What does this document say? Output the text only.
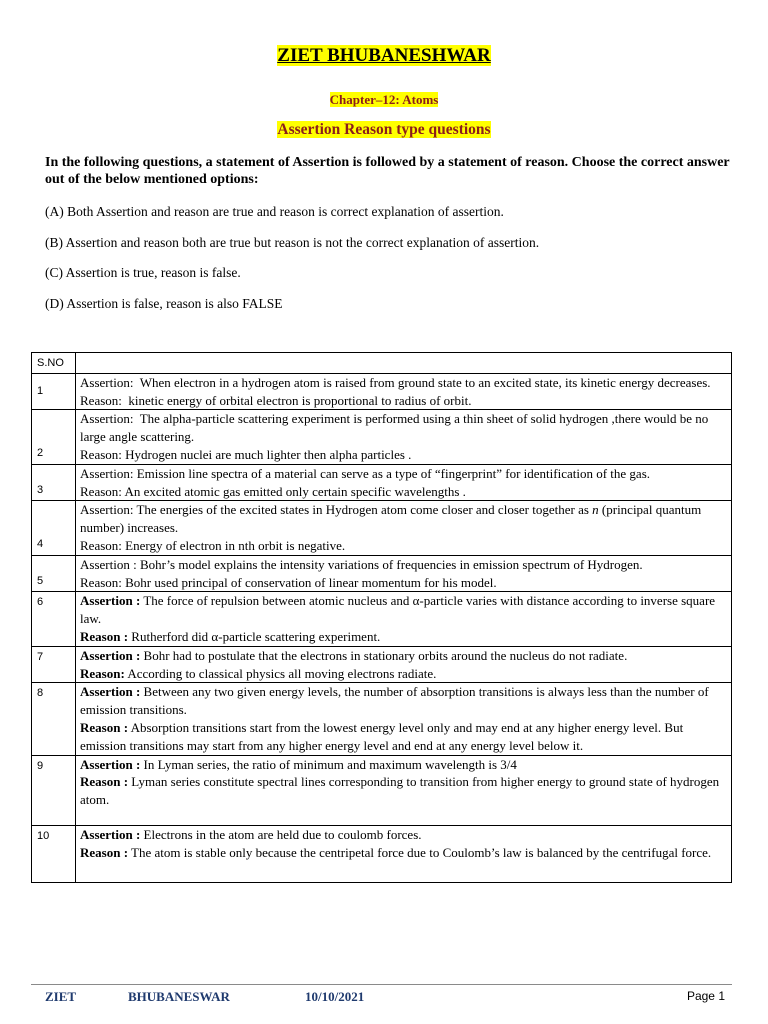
ZIET BHUBANESHWAR
Chapter–12: Atoms
Assertion Reason type questions
In the following questions, a statement of Assertion is followed by a statement of reason. Choose the correct answer out of the below mentioned options:
(A) Both Assertion and reason are true and reason is correct explanation of assertion.
(B) Assertion and reason both are true but reason is not the correct explanation of assertion.
(C) Assertion is true, reason is false.
(D) Assertion is false, reason is also FALSE
S.NO	
1	Assertion: When electron in a hydrogen atom is raised from ground state to an excited state, its kinetic energy decreases.
Reason: kinetic energy of orbital electron is proportional to radius of orbit.

2	Assertion: The alpha-particle scattering experiment is performed using a thin sheet of solid hydrogen ,there would be no large angle scattering.
Reason: Hydrogen nuclei are much lighter then alpha particles .

3	Assertion: Emission line spectra of a material can serve as a type of “fingerprint” for identification of the gas.
Reason: An excited atomic gas emitted only certain specific wavelengths .

4	Assertion: The energies of the excited states in Hydrogen atom come closer and closer together as n (principal quantum number) increases.
Reason: Energy of electron in nth orbit is negative.

5	Assertion : Bohr’s model explains the intensity variations of frequencies in emission spectrum of Hydrogen.
Reason: Bohr used principal of conservation of linear momentum for his model.

6	Assertion : The force of repulsion between atomic nucleus and α-particle varies with distance according to inverse square law.
Reason : Rutherford did α-particle scattering experiment.

7	Assertion : Bohr had to postulate that the electrons in stationary orbits around the nucleus do not radiate.
Reason: According to classical physics all moving electrons radiate.

8	Assertion : Between any two given energy levels, the number of absorption transitions is always less than the number of emission transitions.
Reason : Absorption transitions start from the lowest energy level only and may end at any higher energy level. But emission transitions may start from any higher energy level and end at any energy level below it.

9	Assertion : In Lyman series, the ratio of minimum and maximum wavelength is 3/4
Reason : Lyman series constitute spectral lines corresponding to transition from higher energy to ground state of hydrogen atom.

10	Assertion : Electrons in the atom are held due to coulomb forces.
Reason : The atom is stable only because the centripetal force due to Coulomb’s law is balanced by the centrifugal force.
ZIET	BHUBANESWAR	10/10/2021	Page 1
